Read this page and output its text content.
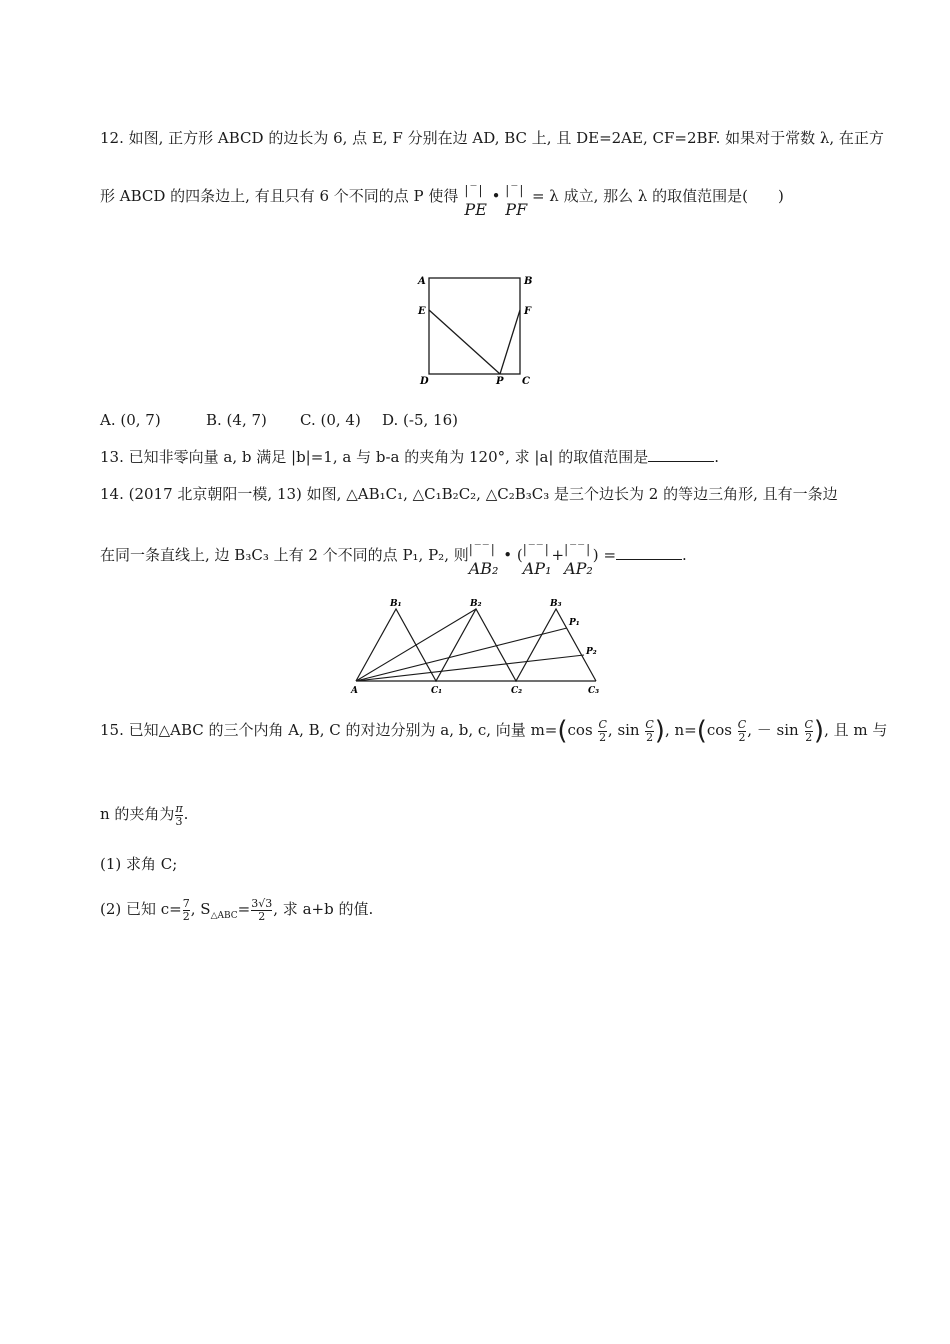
12. 如图, 正方形 ABCD 的边长为 6, 点 E, F 分别在边 AD, BC 上, 且 DE=2AE, CF=2BF. 如果对于常数 λ, 在正方
形 ABCD 的四条边上, 有且只有 6 个不同的点 P 使得 |‾|
PE • |‾|
PF = λ 成立, 那么 λ 的取值范围是(　　)
A	B
E	F
D	P C
A. (0, 7)	B. (4, 7) C. (0, 4) D. (-5, 16)
13. 已知非零向量 a, b 满足 |b|=1, a 与 b-a 的夹角为 120°, 求 |a| 的取值范围是	.
14. (2017 北京朝阳一模, 13) 如图, △AB₁C₁, △C₁B₂C₂, △C₂B₃C₃ 是三个边长为 2 的等边三角形, 且有一条边
在同一条直线上, 边 B₃C₃ 上有 2 个不同的点 P₁, P₂, 则 |‾‾|
AB₂ • ( |‾‾|
AP₁+ |‾‾|
AP₂) =	.
A
B₁	B₂	B₃
C₁	C₂	C₃
P₁
P₂
15. 已知△ABC 的三个内角 A, B, C 的对边分别为 a, b, c, 向量 $m=(\cos \frac{C}{2}$ , $\sin \frac{C}{2}$ ), $n=(\cos \frac{C}{2}$ , － $\sin \frac{C}{2}$ ), 且 m 与
n 的夹角为 $\frac{\pi}{3}$ .
(1) 求角 C;
(2) 已知 $c= \frac{7}{2}$ , $S_{\triangle ABC}= \frac{3√3}{2}$ , 求 a+b 的值.
